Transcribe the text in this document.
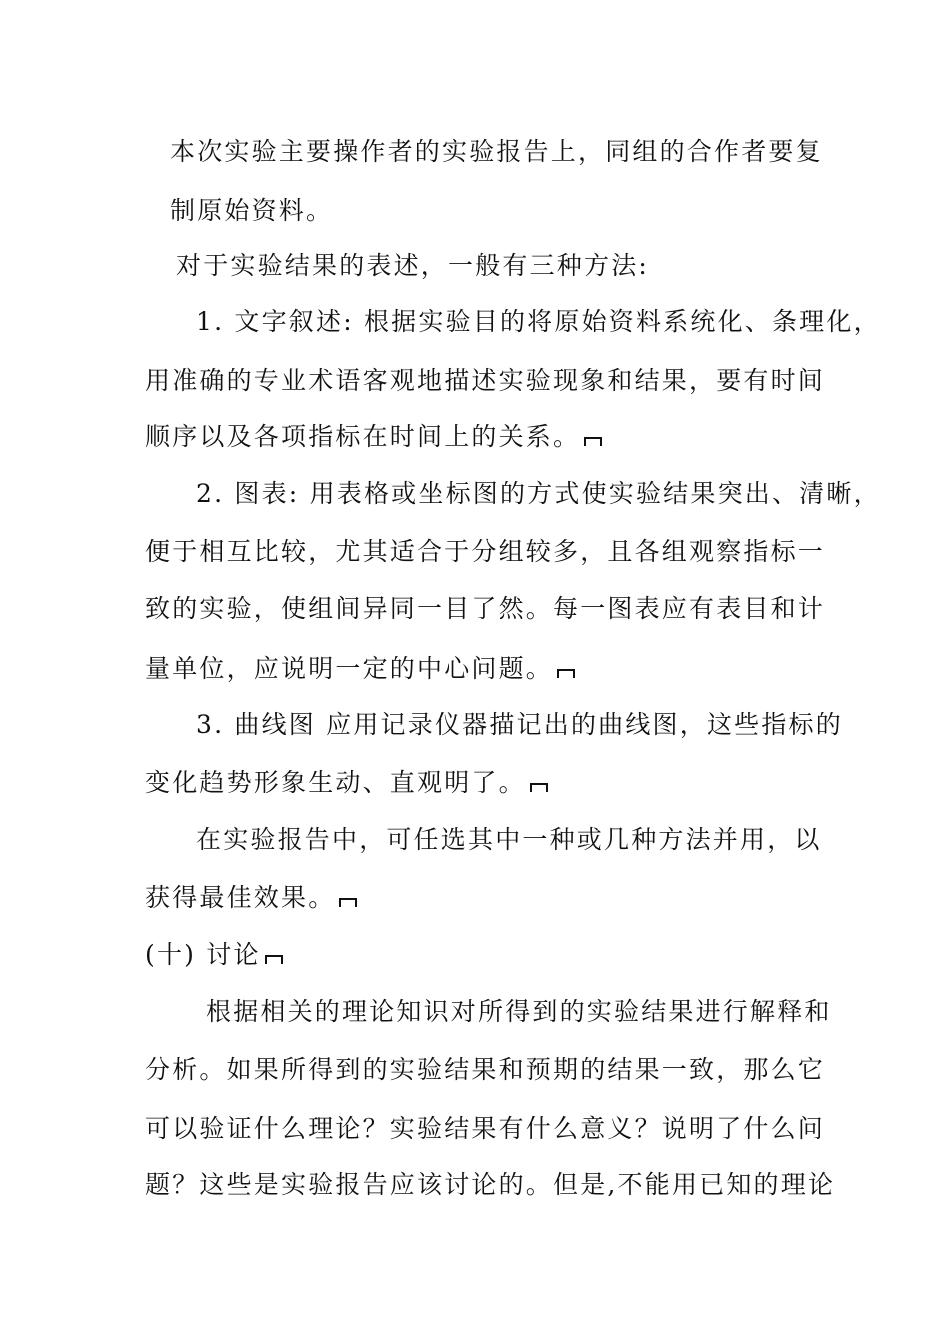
本次实验主要操作者的实验报告上，同组的合作者要复
制原始资料。
对于实验结果的表述，一般有三种方法:
1. 文字叙述: 根据实验目的将原始资料系统化、条理化，
用准确的专业术语客观地描述实验现象和结果，要有时间
顺序以及各项指标在时间上的关系。
2. 图表: 用表格或坐标图的方式使实验结果突出、清晰，
便于相互比较，尤其适合于分组较多，且各组观察指标一
致的实验，使组间异同一目了然。每一图表应有表目和计
量单位，应说明一定的中心问题。
3. 曲线图 应用记录仪器描记出的曲线图，这些指标的
变化趋势形象生动、直观明了。
在实验报告中，可任选其中一种或几种方法并用，以
获得最佳效果。
(十) 讨论
根据相关的理论知识对所得到的实验结果进行解释和
分析。如果所得到的实验结果和预期的结果一致，那么它
可以验证什么理论？实验结果有什么意义？说明了什么问
题？这些是实验报告应该讨论的。但是,不能用已知的理论
